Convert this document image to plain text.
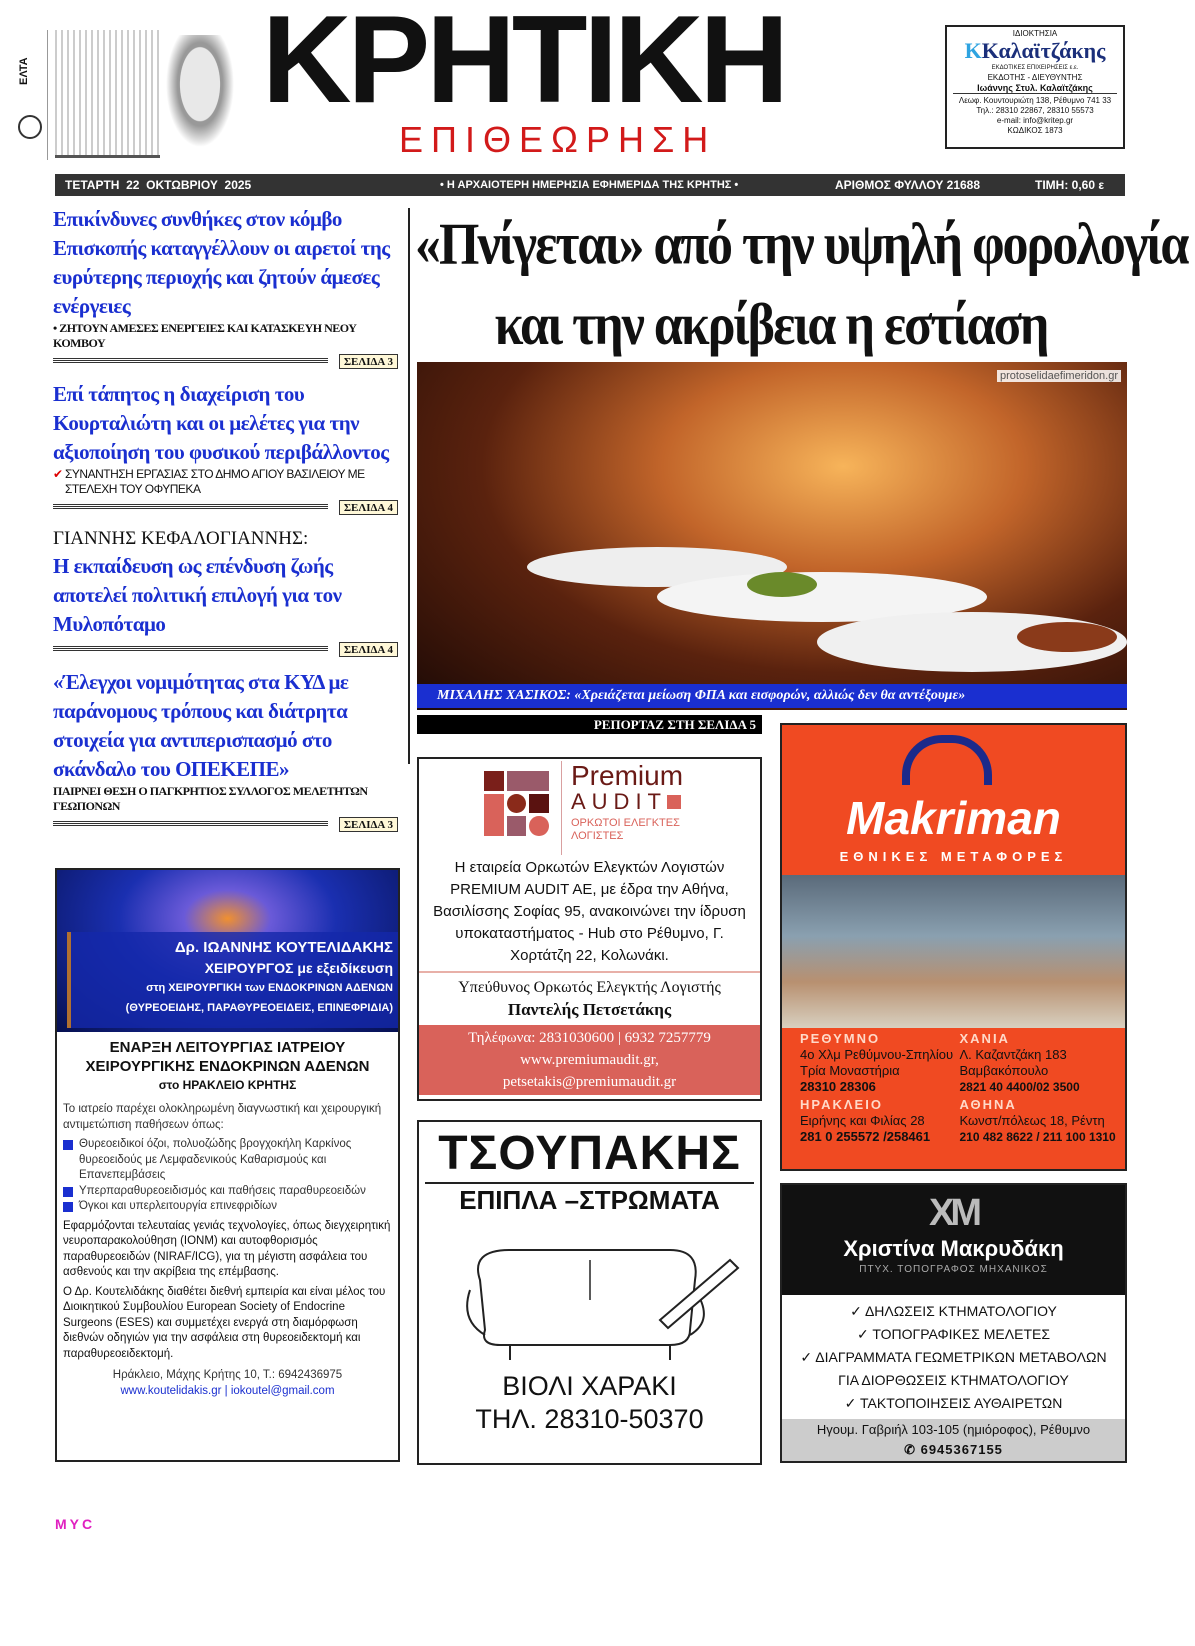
ΕΛΤΑ ΚΡΗΤΙΚΗ
ΕΠΙΘΕΩΡΗΣΗ
ΙΔΙΟΚΤΗΣΙΑ
KΚαλαϊτζάκης
ΕΚΔΟΤΙΚΕΣ ΕΠΙΧΕΙΡΗΣΕΙΣ ε.ε.
ΕΚΔΟΤΗΣ - ΔΙΕΥΘΥΝΤΗΣ
Ιωάννης Στυλ. Καλαϊτζάκης
Λεωφ. Κουντουριώτη 138, Ρέθυμνο 741 33
Τηλ.: 28310 22867, 28310 55573
e-mail: info@kritep.gr
ΚΩΔΙΚΟΣ 1873
ΤΕΤΑΡΤΗ  22  ΟΚΤΩΒΡΙΟΥ  2025	• Η ΑΡΧΑΙΟΤΕΡΗ ΗΜΕΡΗΣΙΑ ΕΦΗΜΕΡΙΔΑ ΤΗΣ ΚΡΗΤΗΣ •	ΑΡΙΘΜΟΣ ΦΥΛΛΟΥ 21688	ΤΙΜΗ: 0,60 ε
Επικίνδυνες συνθήκες στον κόμβο Επισκοπής καταγγέλλουν οι αιρετοί της ευρύτερης περιοχής και ζητούν άμεσες ενέργειες
• ΖΗΤΟΥΝ ΑΜΕΣΕΣ ΕΝΕΡΓΕΙΕΣ ΚΑΙ ΚΑΤΑΣΚΕΥΗ ΝΕΟΥ ΚΟΜΒΟΥ
ΣΕΛΙΔΑ 3
Επί τάπητος η διαχείριση του Κουρταλιώτη και οι μελέτες για την αξιοποίηση του φυσικού περιβάλλοντος
✔ ΣΥΝΑΝΤΗΣΗ ΕΡΓΑΣΙΑΣ ΣΤΟ ΔΗΜΟ ΑΓΙΟΥ ΒΑΣΙΛΕΙΟΥ ΜΕ ΣΤΕΛΕΧΗ ΤΟΥ ΟΦΥΠΕΚΑ
ΣΕΛΙΔΑ 4
ΓΙΑΝΝΗΣ ΚΕΦΑΛΟΓΙΑΝΝΗΣ:
Η εκπαίδευση ως επένδυση ζωής αποτελεί πολιτική επιλογή για τον Μυλοπόταμο
ΣΕΛΙΔΑ 4
«Έλεγχοι νομιμότητας στα ΚΥΔ με παράνομους τρόπους και διάτρητα στοιχεία για αντιπερισπασμό στο σκάνδαλο του ΟΠΕΚΕΠΕ»
ΠΑΙΡΝΕΙ ΘΕΣΗ Ο ΠΑΓΚΡΗΤΙΟΣ ΣΥΛΛΟΓΟΣ ΜΕΛΕΤΗΤΩΝ ΓΕΩΠΟΝΩΝ
ΣΕΛΙΔΑ 3
«Πνίγεται» από την υψηλή φορολογία
και την ακρίβεια η εστίαση
protoselidaefimeridon.gr
ΜΙΧΑΛΗΣ ΧΑΣΙΚΟΣ: «Χρειάζεται μείωση ΦΠΑ και εισφορών, αλλιώς δεν θα αντέξουμε»
ΡΕΠΟΡΤΑΖ ΣΤΗ ΣΕΛΙΔΑ 5
Premium
AUDIT
ΟΡΚΩΤΟΙ ΕΛΕΓΚΤΕΣ ΛΟΓΙΣΤΕΣ
Η εταιρεία Ορκωτών Ελεγκτών Λογιστών PREMIUM AUDIT AE, με έδρα την Αθήνα, Βασιλίσσης Σοφίας 95, ανακοινώνει την ίδρυση υποκαταστήματος - Hub στο Ρέθυμνο, Γ. Χορτάτζη 22, Κολωνάκι.
Υπεύθυνος Ορκωτός Ελεγκτής Λογιστής
Παντελής Πετσετάκης
Τηλέφωνα: 2831030600 | 6932 7257779
www.premiumaudit.gr,
petsetakis@premiumaudit.gr
Makriman
ΕΘΝΙΚΕΣ ΜΕΤΑΦΟΡΕΣ
ΡΕΘΥΜΝΟ
4ο Χλμ Ρεθύμνου-Σπηλίου
Τρία Μοναστήρια
28310 28306
ΧΑΝΙΑ
Λ. Καζαντζάκη 183
Βαμβακόπουλο
2821 40 4400/02 3500
ΗΡΑΚΛΕΙΟ
Ειρήνης και Φιλίας 28
281 0 255572 /258461
ΑΘΗΝΑ
Κωνστ/πόλεως 18, Ρέντη
210 482 8622 / 211 100 1310
Δρ. ΙΩΑΝΝΗΣ ΚΟΥΤΕΛΙΔΑΚΗΣ
ΧΕΙΡΟΥΡΓΟΣ με εξειδίκευση
στη ΧΕΙΡΟΥΡΓΙΚΗ των ΕΝΔΟΚΡΙΝΩΝ ΑΔΕΝΩΝ
(ΘΥΡΕΟΕΙΔΗΣ, ΠΑΡΑΘΥΡΕΟΕΙΔΕΙΣ, ΕΠΙΝΕΦΡΙΔΙΑ)
ΕΝΑΡΞΗ ΛΕΙΤΟΥΡΓΙΑΣ ΙΑΤΡΕΙΟΥ
ΧΕΙΡΟΥΡΓΙΚΗΣ ΕΝΔΟΚΡΙΝΩΝ ΑΔΕΝΩΝ
στο ΗΡΑΚΛΕΙΟ ΚΡΗΤΗΣ
Το ιατρείο παρέχει ολοκληρωμένη διαγνωστική και χειρουργική αντιμετώπιση παθήσεων όπως:
Θυρεοειδικοί όζοι, πολυοζώδης βρογχοκήλη Καρκίνος θυρεοειδούς με Λεμφαδενικούς Καθαρισμούς και Επανεπεμβάσεις
Υπερπαραθυρεοειδισμός και παθήσεις παραθυρεοειδών
Όγκοι και υπερλειτουργία επινεφριδίων
Εφαρμόζονται τελευταίας γενιάς τεχνολογίες, όπως διεγχειρητική νευροπαρακολούθηση (IONM) και αυτοφθορισμός παραθυρεοειδών (NIRAF/ICG), για τη μέγιστη ασφάλεια του ασθενούς και την ακρίβεια της επέμβασης.
Ο Δρ. Κουτελιδάκης διαθέτει διεθνή εμπειρία και είναι μέλος του Διοικητικού Συμβουλίου European Society of Endocrine Surgeons (ESES) και συμμετέχει ενεργά στη διαμόρφωση διεθνών οδηγιών για την ασφάλεια στη θυρεοειδεκτομή και παραθυρεοειδεκτομή.
Ηράκλειο, Μάχης Κρήτης 10, Τ.: 6942436975
www.koutelidakis.gr | iokoutel@gmail.com
ΤΣΟΥΠΑΚΗΣ
ΕΠΙΠΛΑ –ΣΤΡΩΜΑΤΑ
ΒΙΟΛΙ ΧΑΡΑΚΙ
ΤΗΛ. 28310-50370
XM
Χριστίνα Μακρυδάκη
ΠΤΥΧ. ΤΟΠΟΓΡΑΦΟΣ ΜΗΧΑΝΙΚΟΣ
✓ ΔΗΛΩΣΕΙΣ ΚΤΗΜΑΤΟΛΟΓΙΟΥ
✓ ΤΟΠΟΓΡΑΦΙΚΕΣ ΜΕΛΕΤΕΣ
✓ ΔΙΑΓΡΑΜΜΑΤΑ ΓΕΩΜΕΤΡΙΚΩΝ ΜΕΤΑΒΟΛΩΝ
ΓΙΑ ΔΙΟΡΘΩΣΕΙΣ ΚΤΗΜΑΤΟΛΟΓΙΟΥ
✓ ΤΑΚΤΟΠΟΙΗΣΕΙΣ ΑΥΘΑΙΡΕΤΩΝ
Ηγουμ. Γαβριήλ 103-105 (ημιόροφος), Ρέθυμνο
✆ 6945367155
MYC
